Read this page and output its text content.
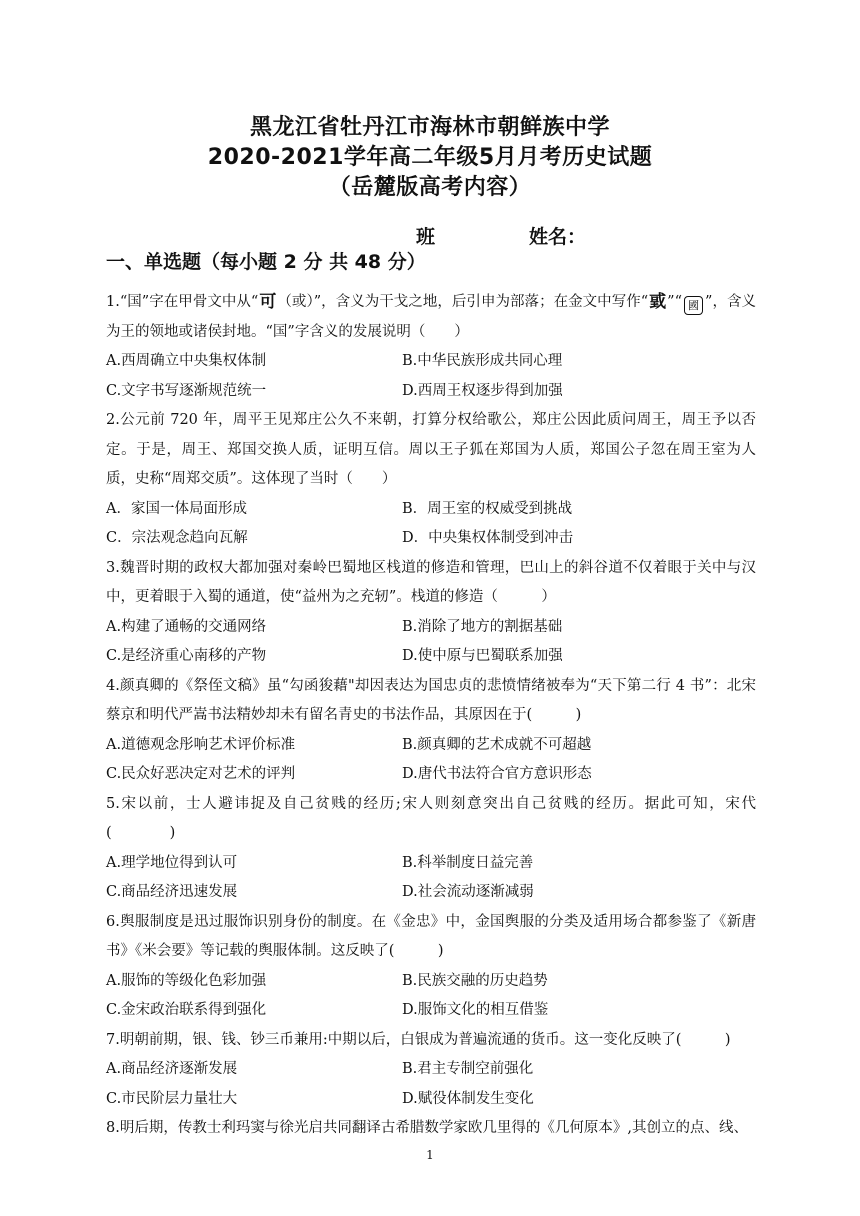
黑龙江省牡丹江市海林市朝鲜族中学
2020-2021学年高二年级5月月考历史试题
（岳麓版高考内容）
班	姓名：
一、单选题（每小题 2 分 共 48 分）

1.“国”字在甲骨文中从“可（或）”，含义为干戈之地，后引申为部落；在金文中写作“戜”“ 國 ”，含义为王的领地或诸侯封地。“国”字含义的发展说明（　　）

A.西周确立中央集权体制	B.中华民族形成共同心理

C.文字书写逐渐规范统一	D.西周王权逐步得到加强

2.公元前 720 年，周平王见郑庄公久不来朝，打算分权给歌公，郑庄公因此质问周王，周王予以否定。于是，周王、郑国交换人质，证明互信。周以王子狐在郑国为人质，郑国公子忽在周王室为人质，史称“周郑交质”。这体现了当时（　　）

A．家国一体局面形成	B．周王室的权威受到挑战

C．宗法观念趋向瓦解	D．中央集权体制受到冲击

3.魏晋时期的政权大都加强对秦岭巴蜀地区栈道的修造和管理，巴山上的斜谷道不仅着眼于关中与汉中，更着眼于入蜀的通道，使“益州为之充轫”。栈道的修造（　　　）

A.构建了通畅的交通网络	B.消除了地方的割据基础

C.是经济重心南移的产物	D.使中原与巴蜀联系加强

4.颜真卿的《祭侄文稿》虽“勾函狻藉"却因表达为国忠贞的悲愤情绪被奉为“天下第二行 4 书”：北宋蔡京和明代严嵩书法精妙却未有留名青史的书法作品，其原因在于(　　　)

A.道德观念彤响艺术评价标准	B.颜真卿的艺术成就不可超越

C.民众好恶决定对艺术的评判	D.唐代书法符合官方意识形态

5.宋以前，士人避讳捉及自己贫贱的经历;宋人则刻意突出自己贫贱的经历。据此可知，宋代(　　　　)

A.理学地位得到认可	B.科举制度日益完善

C.商品经济迅速发展	D.社会流动逐渐减弱

6.舆服制度是迅过服饰识别身份的制度。在《金忠》中，金国舆服的分类及适用场合都参鉴了《新唐书》《米会要》等记载的舆服体制。这反映了(　　　)

A.服饰的等级化色彩加强	B.民族交融的历史趋势

C.金宋政治联系得到强化	D.服饰文化的相互借鉴

7.明朝前期，银、钱、钞三币兼用:中期以后，白银成为普遍流通的货币。这一变化反映了(　　　)

A.商品经济逐渐发展	B.君主专制空前强化

C.市民阶层力量壮大	D.赋役体制发生变化

8.明后期，传教士利玛窦与徐光启共同翻译古希腊数学家欧几里得的《几何原本》,其创立的点、线、

1
